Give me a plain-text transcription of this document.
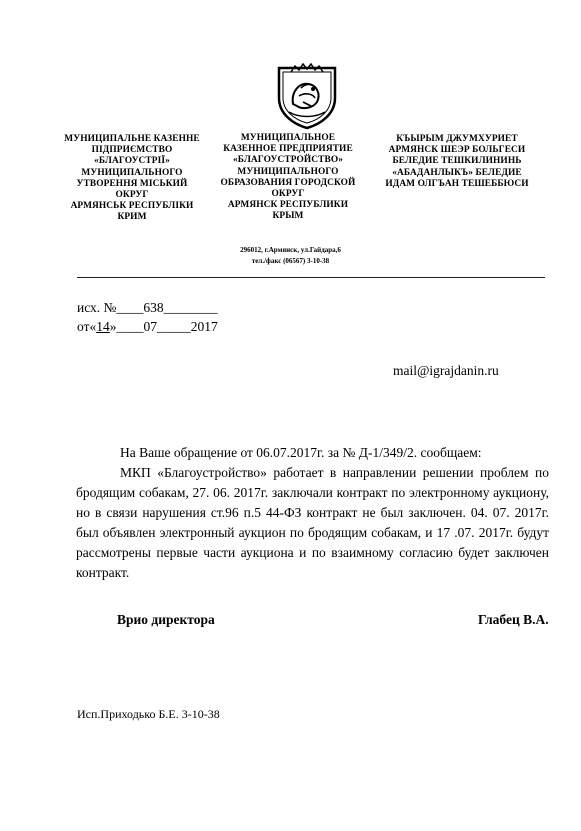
МУНИЦИПАЛЬНЕ КАЗЕННЕ
ПІДПРИЄМСТВО
«БЛАГОУСТРІЇ»
МУНИЦИПАЛЬНОГО
УТВОРЕННЯ МІСЬКИЙ
ОКРУГ
АРМЯНСЬК РЕСПУБЛІКИ
КРИМ
МУНИЦИПАЛЬНОЕ
КАЗЕННОЕ ПРЕДПРИЯТИЕ
«БЛАГОУСТРОЙСТВО»
МУНИЦИПАЛЬНОГО
ОБРАЗОВАНИЯ ГОРОДСКОЙ
ОКРУГ
АРМЯНСК РЕСПУБЛИКИ
КРЫМ
КЪЫРЫМ ДЖУМХУРИЕТ
АРМЯНСК ШЕЭР БОЛЬГЕСИ
БЕЛЕДИЕ ТЕШКИЛИНИНЬ
«АБАДАНЛЫКЪ» БЕЛЕДИЕ
ИДАМ ОЛГЪАН ТЕШЕББЮСИ
296012, г.Армянск, ул.Гайдара,6
тел./факс (06567) 3-10-38
исх. №____638________
от«14»____07_____2017
mail@igrajdanin.ru

На Ваше обращение от 06.07.2017г. за № Д-1/349/2. сообщаем:

МКП «Благоустройство» работает в направлении решении проблем по бродящим собакам, 27. 06. 2017г. заключали контракт по электронному аукциону, но в связи нарушения ст.96 п.5 44-ФЗ контракт не был заключен. 04. 07. 2017г. был объявлен электронный аукцион по бродящим собакам, и 17 .07. 2017г. будут рассмотрены первые части аукциона и по взаимному согласию будет заключен контракт.

Врио директора	Глабец В.А.
Исп.Приходько Б.Е. 3-10-38
